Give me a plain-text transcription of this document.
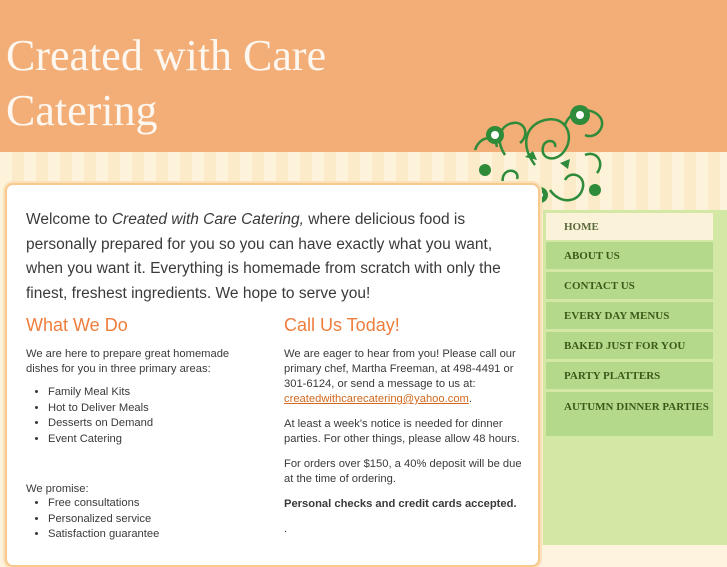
Created with Care
Catering
Welcome to Created with Care Catering, where delicious food is personally prepared for you so you can have exactly what you want, when you want it. Everything is homemade from scratch with only the finest, freshest ingredients. We hope to serve you!
What We Do
We are here to prepare great homemade dishes for you in three primary areas:
• Family Meal Kits
• Hot to Deliver Meals
• Desserts on Demand
• Event Catering
We promise:
• Free consultations
• Personalized service
• Satisfaction guarantee
Call Us Today!

We are eager to hear from you! Please call our primary chef, Martha Freeman, at 498-4491 or 301-6124, or send a message to us at: createdwithcarecatering@yahoo.com.

At least a week's notice is needed for dinner parties. For other things, please allow 48 hours.

For orders over $150, a 40% deposit will be due at the time of ordering.

Personal checks and credit cards accepted.

.

HOME
ABOUT US
CONTACT US
EVERY DAY MENUS
BAKED JUST FOR YOU
PARTY PLATTERS
AUTUMN DINNER PARTIES
